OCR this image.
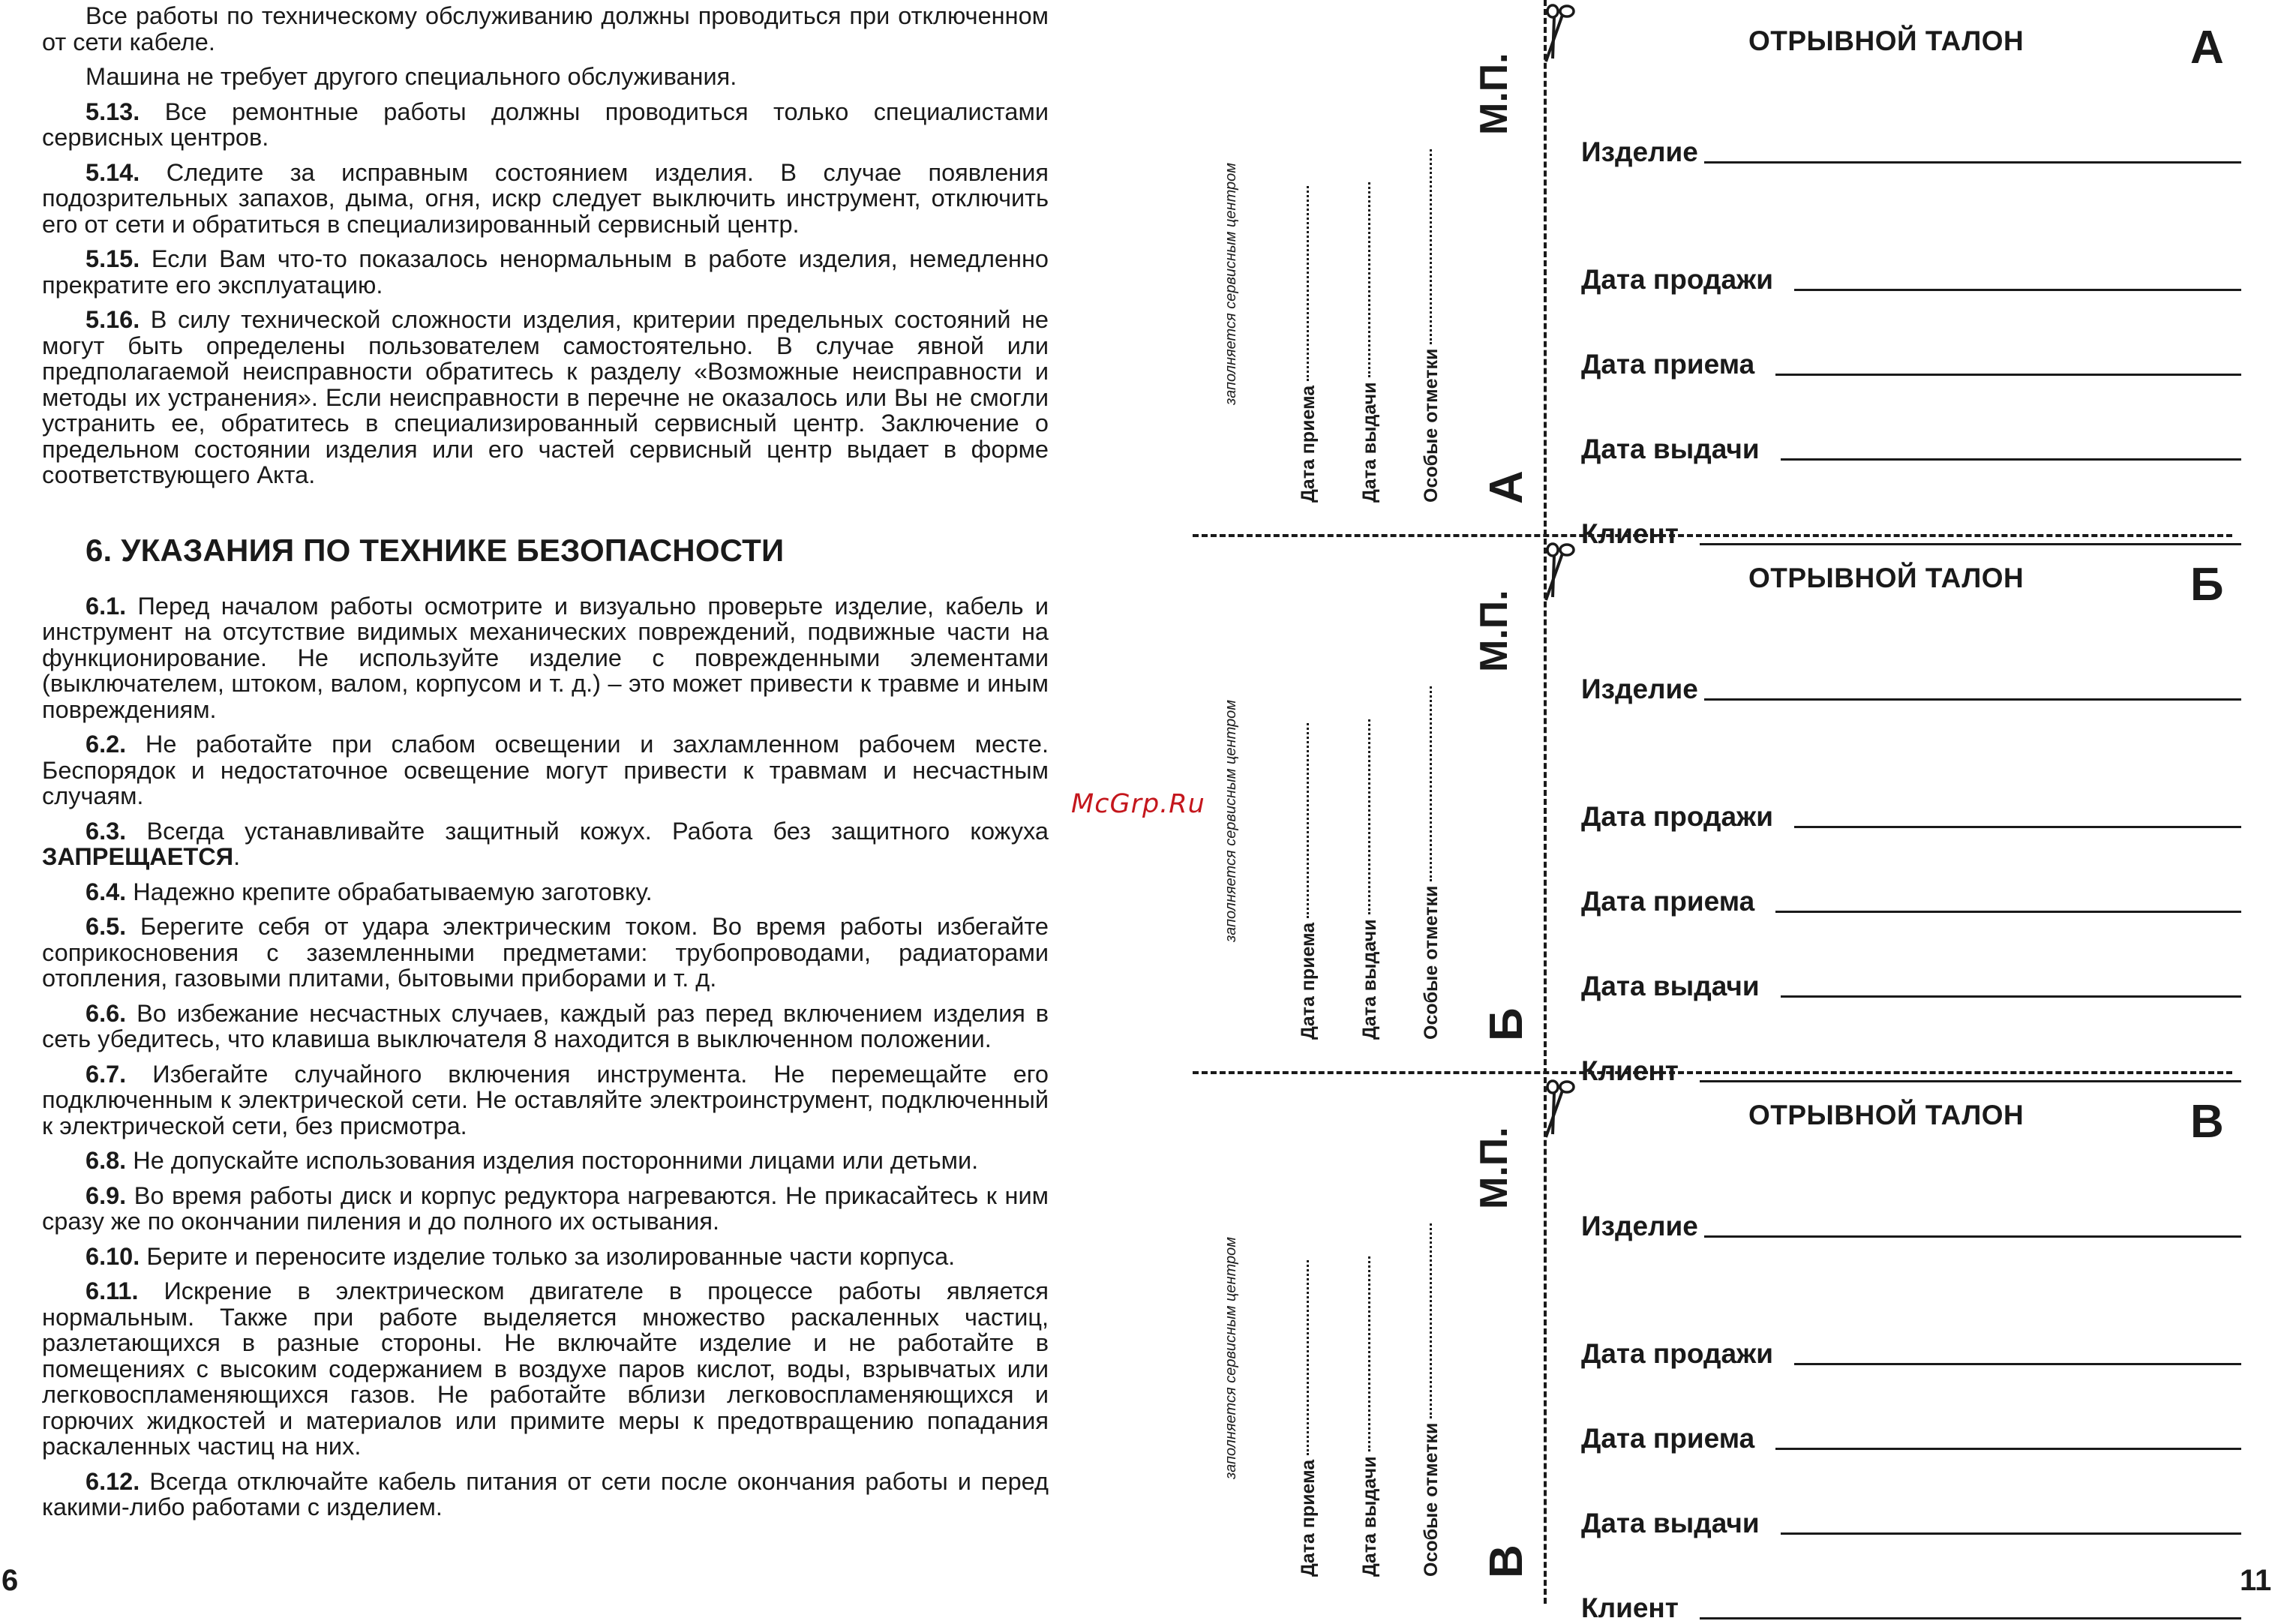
Все работы по техническому обслуживанию должны проводиться при отключенном от сети кабеле.

Машина не требует другого специального обслуживания.

5.13. Все ремонтные работы должны проводиться только специалистами сервисных центров.

5.14. Следите за исправным состоянием изделия. В случае появления подозрительных запахов, дыма, огня, искр следует выключить инструмент, отключить его от сети и обратиться в специализированный сервисный центр.

5.15. Если Вам что-то показалось ненормальным в работе изделия, немедленно прекратите его эксплуатацию.

5.16. В силу технической сложности изделия, критерии предельных состояний не могут быть определены пользователем самостоятельно. В случае явной или предполагаемой неисправности обратитесь к разделу «Возможные неисправности и методы их устранения». Если неисправности в перечне не оказалось или Вы не смогли устранить ее, обратитесь в специализированный сервисный центр. Заключение о предельном состоянии изделия или его частей сервисный центр выдает в форме соответствующего Акта.

6. УКАЗАНИЯ ПО ТЕХНИКЕ БЕЗОПАСНОСТИ

6.1. Перед началом работы осмотрите и визуально проверьте изделие, кабель и инструмент на отсутствие видимых механических повреждений, подвижные части на функционирование. Не используйте изделие с поврежденными элементами (выключателем, штоком, валом, корпусом и т. д.) – это может привести к травме и иным повреждениям.

6.2. Не работайте при слабом освещении и захламленном рабочем месте. Беспорядок и недостаточное освещение могут привести к травмам и несчастным случаям.

6.3. Всегда устанавливайте защитный кожух. Работа без защитного кожуха ЗАПРЕЩАЕТСЯ.

6.4. Надежно крепите обрабатываемую заготовку.

6.5. Берегите себя от удара электрическим током. Во время работы избегайте соприкосновения с заземленными предметами: трубопроводами, радиаторами отопления, газовыми плитами, бытовыми приборами и т. д.

6.6. Во избежание несчастных случаев, каждый раз перед включением изделия в сеть убедитесь, что клавиша выключателя 8 находится в выключенном положении.

6.7. Избегайте случайного включения инструмента. Не перемещайте его подключенным к электрической сети. Не оставляйте электроинструмент, подключенный к электрической сети, без присмотра.

6.8. Не допускайте использования изделия посторонними лицами или детьми.

6.9. Во время работы диск и корпус редуктора нагреваются. Не прикасайтесь к ним сразу же по окончании пиления и до полного их остывания.

6.10. Берите и переносите изделие только за изолированные части корпуса.

6.11. Искрение в электрическом двигателе в процессе работы является нормальным. Также при работе выделяется множество раскаленных частиц, разлетающихся в разные стороны. Не включайте изделие и не работайте в помещениях с высоким содержанием в воздухе паров кислот, воды, взрывчатых или легковоспламеняющихся газов. Не работайте вблизи легковоспламеняющихся и горючих жидкостей и материалов или примите меры к предотвращению попадания раскаленных частиц на них.

6.12. Всегда отключайте кабель питания от сети после окончания работы и перед какими-либо работами с изделием.

6	11
McGrp.Ru
заполняется сервисным центром
Дата приема Дата выдачи Особые отметки А
М.П.
ОТРЫВНОЙ ТАЛОН	А
Изделие
Дата продажи
Дата приема
Дата выдачи
Клиент
заполняется сервисным центром
Дата приема Дата выдачи Особые отметки Б
М.П.
ОТРЫВНОЙ ТАЛОН	Б
Изделие
Дата продажи
Дата приема
Дата выдачи
Клиент
заполняется сервисным центром
Дата приема Дата выдачи Особые отметки В
М.П.
ОТРЫВНОЙ ТАЛОН	В
Изделие
Дата продажи
Дата приема
Дата выдачи
Клиент
